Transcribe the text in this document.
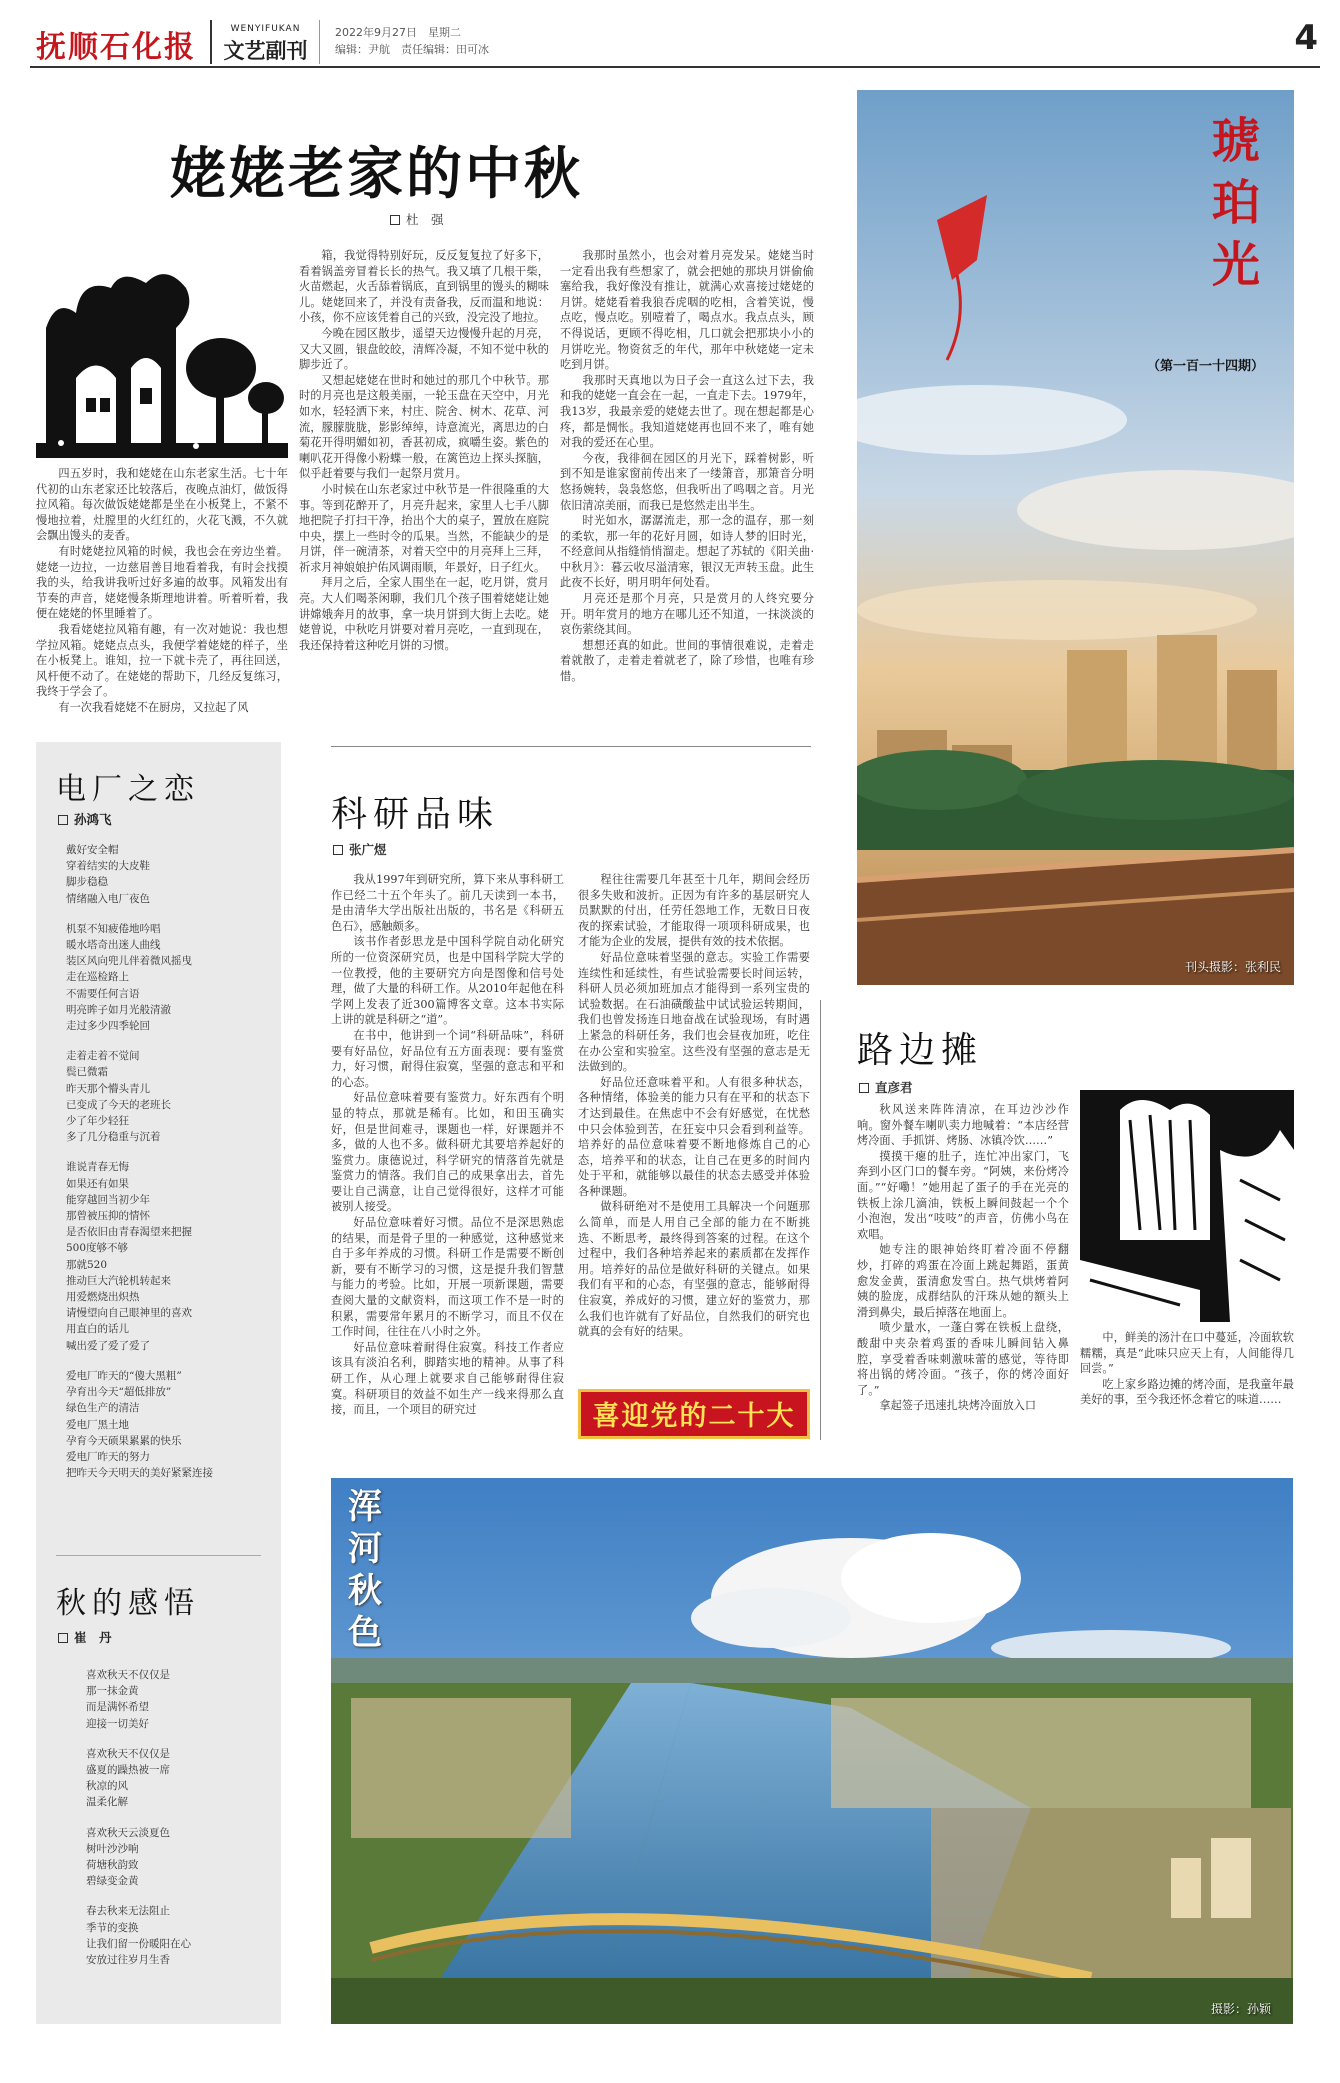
抚顺石化报
WENYIFUKAN
文艺副刊
2022年9月27日　星期二
编辑：尹航　责任编辑：田可冰	4
姥姥老家的中秋
杜　强

四五岁时，我和姥姥在山东老家生活。七十年代初的山东老家还比较落后，夜晚点油灯，做饭得拉风箱。每次做饭姥姥都是坐在小板凳上，不紧不慢地拉着，灶膛里的火红红的，火花飞溅，不久就会飘出馒头的麦香。

有时姥姥拉风箱的时候，我也会在旁边坐着。姥姥一边拉，一边慈眉善目地看着我，有时会找摸我的头，给我讲我听过好多遍的故事。风箱发出有节奏的声音，姥姥慢条斯理地讲着。听着听着，我便在姥姥的怀里睡着了。

我看姥姥拉风箱有趣，有一次对她说：我也想学拉风箱。姥姥点点头，我便学着姥姥的样子，坐在小板凳上。谁知，拉一下就卡壳了，再往回送，风杆便不动了。在姥姥的帮助下，几经反复练习，我终于学会了。

有一次我看姥姥不在厨房，又拉起了风

箱，我觉得特别好玩，反反复复拉了好多下，看着锅盖旁冒着长长的热气。我又填了几根干柴，火苗燃起，火舌舔着锅底，直到锅里的馒头的糊味儿。姥姥回来了，并没有责备我，反而温和地说：小孩，你不应该凭着自己的兴致，没完没了地拉。

今晚在园区散步，遥望天边慢慢升起的月亮，又大又圆，银盘皎皎，清辉冷凝，不知不觉中秋的脚步近了。

又想起姥姥在世时和她过的那几个中秋节。那时的月亮也是这般美丽，一轮玉盘在天空中，月光如水，轻轻洒下来，村庄、院舍、树木、花草、河流，朦朦胧胧，影影绰绰，诗意流光，离思边的白菊花开得明媚如初，香甚初成，疯嚼生姿。紫色的喇叭花开得像小粉蝶一般，在篱笆边上探头探脑，似乎赶着要与我们一起祭月赏月。

小时候在山东老家过中秋节是一件很隆重的大事。等到花醉开了，月亮升起来，家里人七手八脚地把院子打扫干净，抬出个大的桌子，置放在庭院中央，摆上一些时令的瓜果。当然，不能缺少的是月饼，伴一碗清茶，对着天空中的月亮拜上三拜，祈求月神娘娘护佑风调雨顺，年景好，日子红火。

拜月之后，全家人围坐在一起，吃月饼，赏月亮。大人们喝茶闲聊，我们几个孩子围着姥姥让她讲嫦娥奔月的故事，拿一块月饼到大街上去吃。姥姥曾说，中秋吃月饼要对着月亮吃，一直到现在，我还保持着这种吃月饼的习惯。

我那时虽然小，也会对着月亮发呆。姥姥当时一定看出我有些想家了，就会把她的那块月饼偷偷塞给我，我好像没有推让，就满心欢喜接过姥姥的月饼。姥姥看着我狼吞虎咽的吃相，含着笑说，慢点吃，慢点吃。别噎着了，喝点水。我点点头，顾不得说话，更顾不得吃相，几口就会把那块小小的月饼吃光。物资贫乏的年代，那年中秋姥姥一定未吃到月饼。

我那时天真地以为日子会一直这么过下去，我和我的姥姥一直会在一起，一直走下去。1979年，我13岁，我最亲爱的姥姥去世了。现在想起都是心疼，都是惆怅。我知道姥姥再也回不来了，唯有她对我的爱还在心里。

今夜，我徘徊在园区的月光下，踩着树影，听到不知是谁家窗前传出来了一缕箫音，那箫音分明悠扬婉转，袅袅悠悠，但我听出了鸣咽之音。月光依旧清凉美丽，而我已是悠然走出半生。

时光如水，潺潺流走，那一念的温存，那一刻的柔软，那一年的花好月圆，如诗人梦的旧时光，不经意间从指缝悄悄溜走。想起了苏轼的《阳关曲·中秋月》：暮云收尽溢清寒，银汉无声转玉盘。此生此夜不长好，明月明年何处看。

月亮还是那个月亮，只是赏月的人终究要分开。明年赏月的地方在哪儿还不知道，一抹淡淡的哀伤萦绕其间。

想想还真的如此。世间的事情很难说，走着走着就散了，走着走着就老了，除了珍惜，也唯有珍惜。

电厂之恋
孙鸿飞
戴好安全帽
穿着结实的大皮鞋
脚步稳稳
情绪融入电厂夜色
机泵不知疲倦地吟唱
暖水塔奇出迷人曲线
装区风向兜儿伴着微风摇曳
走在巡检路上
不需要任何言语
明亮眸子如月光般清澈
走过多少四季轮回
走着走着不觉间
鬓已微霜
昨天那个懵头青儿
已变成了今天的老班长
少了年少轻狂
多了几分稳重与沉着
谁说青春无悔
如果还有如果
能穿越回当初少年
那曾被压抑的情怀
是否依旧由青春渴望来把握
500度够不够
那就520
推动巨大汽轮机转起来
用爱燃烧出炽热
请慢望向自己眼神里的喜欢
用直白的话儿
喊出爱了爱了爱了
爱电厂昨天的“傻大黑粗”
孕育出今天“超低排放”
绿色生产的清洁
爱电厂黑土地
孕育今天硕果累累的快乐
爱电厂昨天的努力
把昨天今天明天的美好紧紧连接
秋的感悟
崔　丹
喜欢秋天不仅仅是
那一抹金黄
而是满怀希望
迎接一切美好
喜欢秋天不仅仅是
盛夏的躁热被一席
秋凉的风
温柔化解
喜欢秋天云淡夏色
树叶沙沙响
荷塘秋韵致
碧绿变金黄
春去秋来无法阻止
季节的变换
让我们留一份暖阳在心
安放过往岁月生香
科研品味
张广煜

我从1997年到研究所，算下来从事科研工作已经二十五个年头了。前几天读到一本书，是由清华大学出版社出版的，书名是《科研五色石》，感触颇多。

该书作者彭思龙是中国科学院自动化研究所的一位资深研究员，也是中国科学院大学的一位教授，他的主要研究方向是图像和信号处理，做了大量的科研工作。从2010年起他在科学网上发表了近300篇博客文章。这本书实际上讲的就是科研之“道”。

在书中，他讲到一个词“科研品味”，科研要有好品位，好品位有五方面表现：要有鉴赏力，好习惯，耐得住寂寞，坚强的意志和平和的心态。

好品位意味着要有鉴赏力。好东西有个明显的特点，那就是稀有。比如，和田玉确实好，但是世间难寻，课题也一样，好课题并不多，做的人也不多。做科研尤其要培养起好的鉴赏力。康德说过，科学研究的情落首先就是鉴赏力的情落。我们自己的成果拿出去，首先要让自己满意，让自己觉得很好，这样才可能被别人接受。

好品位意味着好习惯。品位不是深思熟虑的结果，而是骨子里的一种感觉，这种感觉来自于多年养成的习惯。科研工作是需要不断创新，要有不断学习的习惯，这是提升我们智慧与能力的考验。比如，开展一项新课题，需要查阅大量的文献资料，而这项工作不是一时的积累，需要常年累月的不断学习，而且不仅在工作时间，往往在八小时之外。

好品位意味着耐得住寂寞。科技工作者应该具有淡泊名利，脚踏实地的精神。从事了科研工作，从心理上就要求自己能够耐得住寂寞。科研项目的效益不如生产一线来得那么直接，而且，一个项目的研究过

程往往需要几年甚至十几年，期间会经历很多失败和波折。正因为有许多的基层研究人员默默的付出，任劳任怨地工作，无数日日夜夜的探索试验，才能取得一项项科研成果，也才能为企业的发展，提供有效的技术依据。

好品位意味着坚强的意志。实验工作需要连续性和延续性，有些试验需要长时间运转，科研人员必须加班加点才能得到一系列宝贵的试验数据。在石油磺酸盐中试试验运转期间，我们也曾发扬连日地奋战在试验现场，有时遇上紧急的科研任务，我们也会昼夜加班，吃住在办公室和实验室。这些没有坚强的意志是无法做到的。

好品位还意味着平和。人有很多种状态，各种情绪，体验美的能力只有在平和的状态下才达到最佳。在焦虑中不会有好感觉，在忧愁中只会体验到苦，在狂妄中只会看到利益等。培养好的品位意味着要不断地修炼自己的心态，培养平和的状态，让自己在更多的时间内处于平和，就能够以最佳的状态去感受并体验各种课题。

做科研绝对不是使用工具解决一个问题那么简单，而是人用自己全部的能力在不断挑选、不断思考，最终得到答案的过程。在这个过程中，我们各种培养起来的素质都在发挥作用。培养好的品位是做好科研的关键点。如果我们有平和的心态，有坚强的意志，能够耐得住寂寞，养成好的习惯，建立好的鉴赏力，那么我们也许就有了好品位，自然我们的研究也就真的会有好的结果。

喜迎党的二十大
琥珀光
（第一百一十四期）
刊头摄影：张利民
路边摊
直彦君

秋风送来阵阵清凉，在耳边沙沙作响。窗外餐车喇叭卖力地喊着：“本店经营烤冷面、手抓饼、烤肠、冰镇冷饮……”

摸摸干瘪的肚子，连忙冲出家门，飞奔到小区门口的餐车旁。“阿姨，来份烤冷面。”“好嘞！”她用起了蛋子的手在光亮的铁板上涂几滴油，铁板上瞬间鼓起一个个小泡泡，发出“吱吱”的声音，仿佛小鸟在欢唱。

她专注的眼神始终盯着冷面不停翻炒，打碎的鸡蛋在冷面上跳起舞蹈，蛋黄愈发金黄，蛋清愈发雪白。热气烘烤着阿姨的脸庞，成群结队的汗珠从她的额头上滑到鼻尖，最后掉落在地面上。

喷少量水，一蓬白雾在铁板上盘绕，酸甜中夹杂着鸡蛋的香味儿瞬间钻入鼻腔，享受着香味刺激味蕾的感觉，等待即将出锅的烤冷面。“孩子，你的烤冷面好了。”

拿起签子迅速扎块烤冷面放入口

中，鲜美的汤汁在口中蔓延，冷面软软糯糯，真是“此味只应天上有，人间能得几回尝。”

吃上家乡路边摊的烤冷面，是我童年最美好的事，至今我还怀念着它的味道……

浑河秋色
摄影：孙颖
